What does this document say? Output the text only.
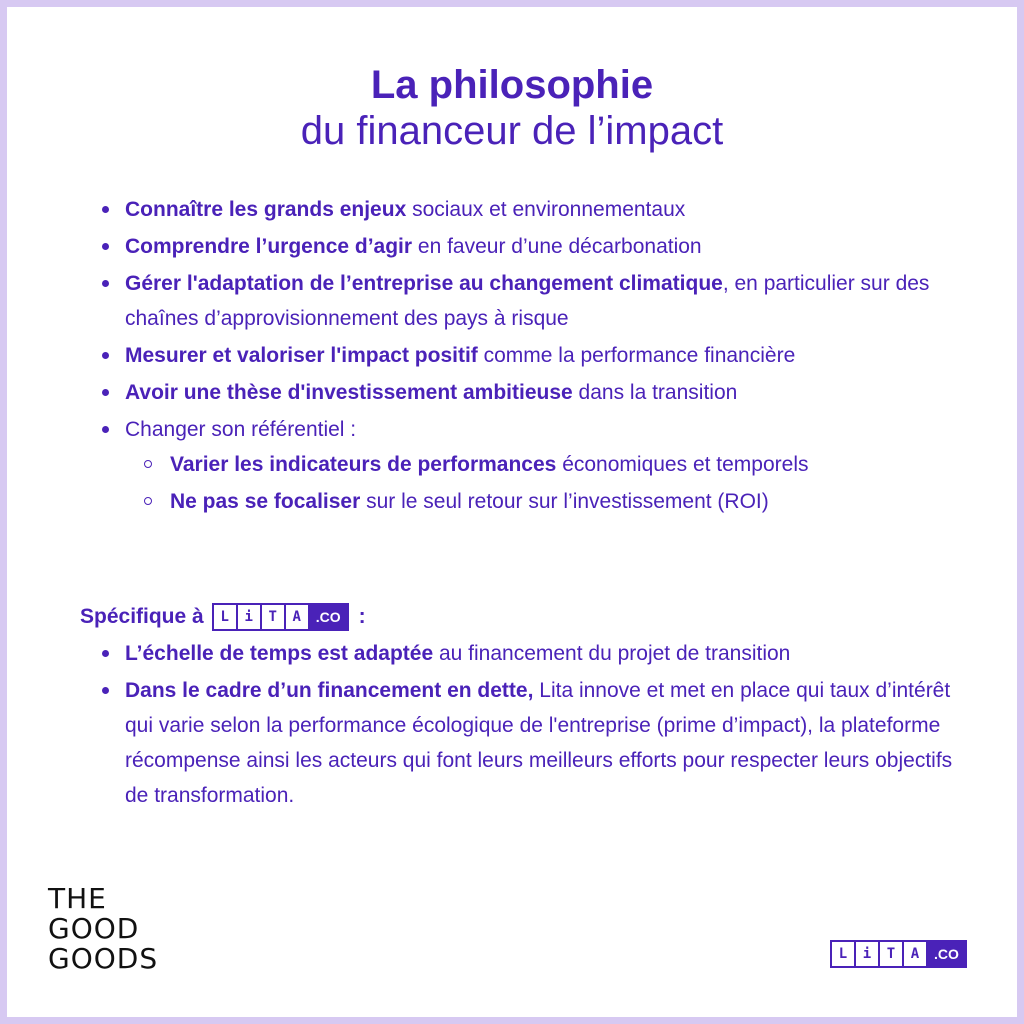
La philosophie
du financeur de l’impact
Connaître les grands enjeux sociaux et environnementaux
Comprendre l’urgence d’agir en faveur d’une décarbonation
Gérer l'adaptation de l’entreprise au changement climatique, en particulier sur des chaînes d’approvisionnement des pays à risque
Mesurer et valoriser l'impact positif comme la performance financière
Avoir une thèse d'investissement ambitieuse dans la transition
Changer son référentiel :
Varier les indicateurs de performances économiques et temporels
Ne pas se focaliser sur le seul retour sur l’investissement (ROI)
Spécifique à	L	i	T	A	.CO :
L’échelle de temps est adaptée au financement du projet de transition
Dans le cadre d’un financement en dette, Lita innove et met en place qui taux d’intérêt qui varie selon la performance écologique de l'entreprise (prime d’impact), la plateforme récompense ainsi les acteurs qui font leurs meilleurs efforts pour respecter leurs objectifs de transformation.
THE
GOOD
GOODS	L	i	T	A	.CO
